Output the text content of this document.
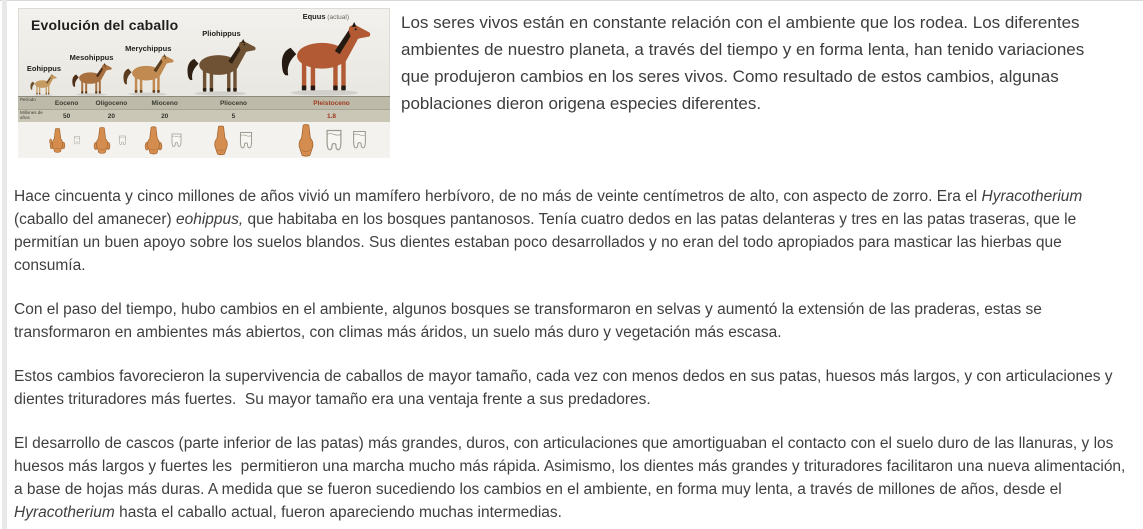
Eohippus
Mesohippus
Merychippus
Pliohippus
Equus (actual)
Evolución del caballo
Período	Eoceno	Oligoceno	Mioceno	Plioceno	Pleistoceno
Millones de años	50	20	20	5	1.8
Los seres vivos están en constante relación con el ambiente que los rodea. Los diferentes ambientes de nuestro planeta, a través del tiempo y en forma lenta, han tenido variaciones que produjeron cambios en los seres vivos. Como resultado de estos cambios, algunas poblaciones dieron origena especies diferentes.

Hace cincuenta y cinco millones de años vivió un mamífero herbívoro, de no más de veinte centímetros de alto, con aspecto de zorro. Era el Hyracotherium (caballo del amanecer) eohippus, que habitaba en los bosques pantanosos. Tenía cuatro dedos en las patas delanteras y tres en las patas traseras, que le permitían un buen apoyo sobre los suelos blandos. Sus dientes estaban poco desarrollados y no eran del todo apropiados para masticar las hierbas que consumía.

Con el paso del tiempo, hubo cambios en el ambiente, algunos bosques se transformaron en selvas y aumentó la extensión de las praderas, estas se transformaron en ambientes más abiertos, con climas más áridos, un suelo más duro y vegetación más escasa.

Estos cambios favorecieron la supervivencia de caballos de mayor tamaño, cada vez con menos dedos en sus patas, huesos más largos, y con articulaciones y dientes trituradores más fuertes.  Su mayor tamaño era una ventaja frente a sus predadores.

El desarrollo de cascos (parte inferior de las patas) más grandes, duros, con articulaciones que amortiguaban el contacto con el suelo duro de las llanuras, y los huesos más largos y fuertes les  permitieron una marcha mucho más rápida. Asimismo, los dientes más grandes y trituradores facilitaron una nueva alimentación, a base de hojas más duras. A medida que se fueron sucediendo los cambios en el ambiente, en forma muy lenta, a través de millones de años, desde el Hyracotherium hasta el caballo actual, fueron apareciendo muchas intermedias.
